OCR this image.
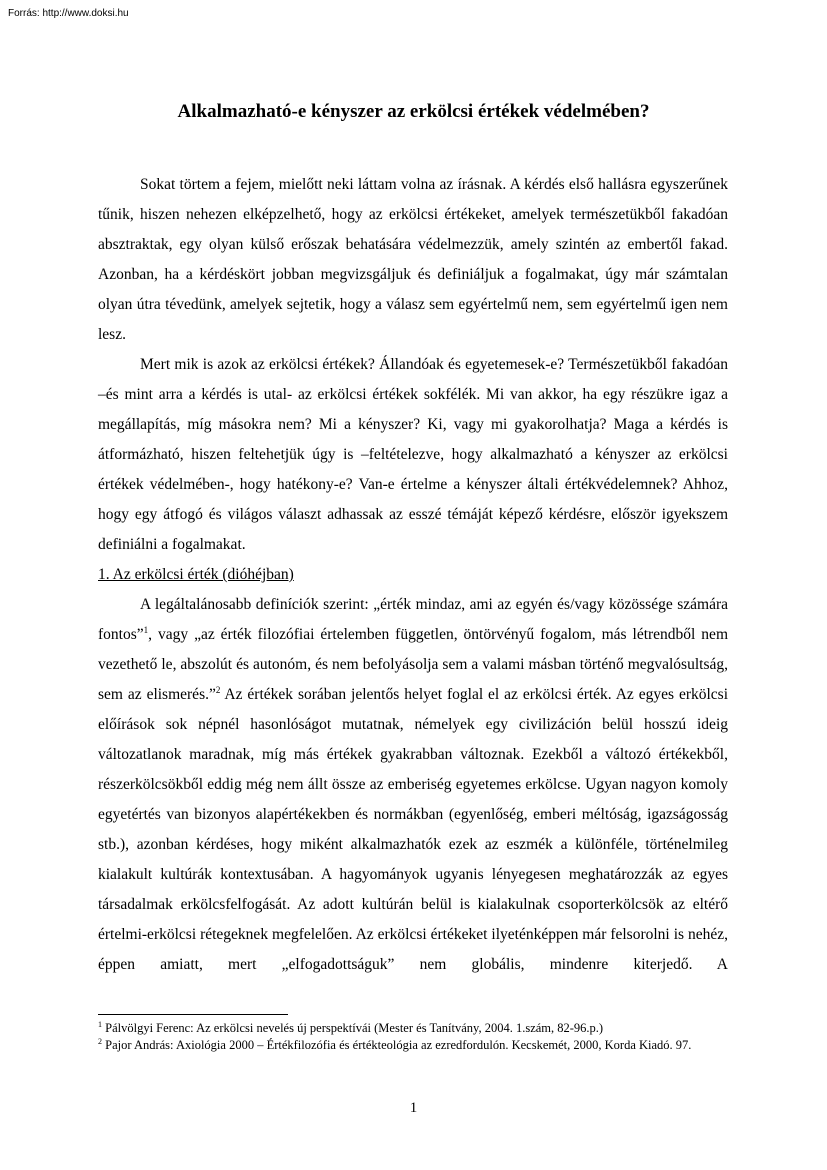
Forrás: http://www.doksi.hu
Alkalmazható-e kényszer az erkölcsi értékek védelmében?

Sokat törtem a fejem, mielőtt neki láttam volna az írásnak. A kérdés első hallásra egyszerűnek tűnik, hiszen nehezen elképzelhető, hogy az erkölcsi értékeket, amelyek természetükből fakadóan absztraktak, egy olyan külső erőszak behatására védelmezzük, amely szintén az embertől fakad. Azonban, ha a kérdéskört jobban megvizsgáljuk és definiáljuk a fogalmakat, úgy már számtalan olyan útra tévedünk, amelyek sejtetik, hogy a válasz sem egyértelmű nem, sem egyértelmű igen nem lesz.

Mert mik is azok az erkölcsi értékek? Állandóak és egyetemesek-e? Természetükből fakadóan –és mint arra a kérdés is utal- az erkölcsi értékek sokfélék. Mi van akkor, ha egy részükre igaz a megállapítás, míg másokra nem? Mi a kényszer? Ki, vagy mi gyakorolhatja? Maga a kérdés is átformázható, hiszen feltehetjük úgy is –feltételezve, hogy alkalmazható a kényszer az erkölcsi értékek védelmében-, hogy hatékony-e? Van-e értelme a kényszer általi értékvédelemnek? Ahhoz, hogy egy átfogó és világos választ adhassak az esszé témáját képező kérdésre, először igyekszem definiálni a fogalmakat.

1. Az erkölcsi érték (dióhéjban)

A legáltalánosabb definíciók szerint: „érték mindaz, ami az egyén és/vagy közössége számára fontos”$^1$, vagy „az érték filozófiai értelemben független, öntörvényű fogalom, más létrendből nem vezethető le, abszolút és autonóm, és nem befolyásolja sem a valami másban történő megvalósultság, sem az elismerés.”$^2$ Az értékek sorában jelentős helyet foglal el az erkölcsi érték. Az egyes erkölcsi előírások sok népnél hasonlóságot mutatnak, némelyek egy civilizáción belül hosszú ideig változatlanok maradnak, míg más értékek gyakrabban változnak. Ezekből a változó értékekből, részerkölcsökből eddig még nem állt össze az emberiség egyetemes erkölcse. Ugyan nagyon komoly egyetértés van bizonyos alapértékekben és normákban (egyenlőség, emberi méltóság, igazságosság stb.), azonban kérdéses, hogy miként alkalmazhatók ezek az eszmék a különféle, történelmileg kialakult kultúrák kontextusában. A hagyományok ugyanis lényegesen meghatározzák az egyes társadalmak erkölcsfelfogását. Az adott kultúrán belül is kialakulnak csoporterkölcsök az eltérő értelmi-erkölcsi rétegeknek megfelelően. Az erkölcsi értékeket ilyeténképpen már felsorolni is nehéz, éppen amiatt, mert „elfogadottságuk” nem globális, mindenre kiterjedő. A

$^1$ Pálvölgyi Ferenc: Az erkölcsi nevelés új perspektívái (Mester és Tanítvány, 2004. 1.szám, 82-96.p.)
$^2$ Pajor András: Axiológia 2000 – Értékfilozófia és értékteológia az ezredfordulón. Kecskemét, 2000, Korda Kiadó. 97.
1
